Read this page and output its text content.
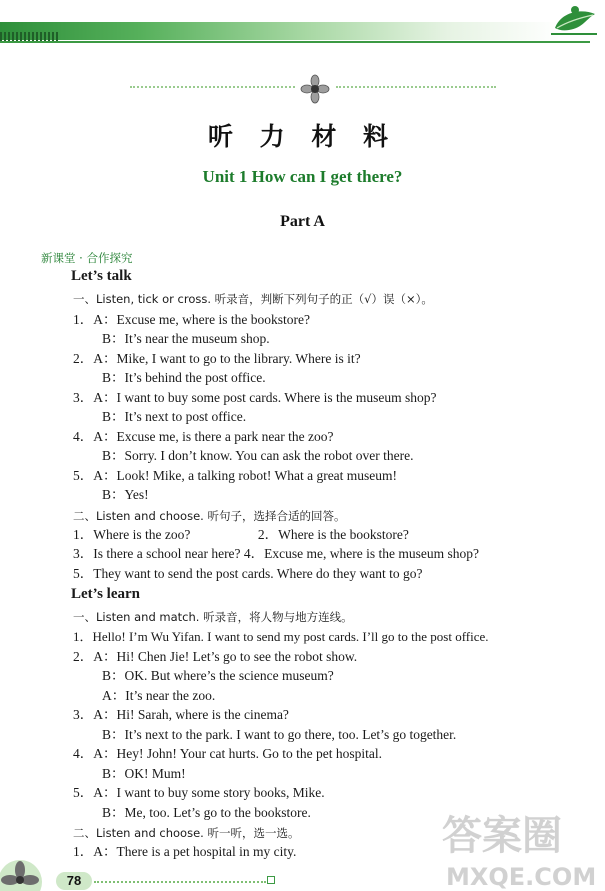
听 力 材 料
Unit 1 How can I get there?
Part A
新课堂 · 合作探究
Let’s talk
一、Listen, tick or cross. 听录音，判断下列句子的正（√）误（×）。
1．A：Excuse me, where is the bookstore?
B：It’s near the museum shop.
2．A：Mike, I want to go to the library. Where is it?
B：It’s behind the post office.
3．A：I want to buy some post cards. Where is the museum shop?
B：It’s next to post office.
4．A：Excuse me, is there a park near the zoo?
B：Sorry. I don’t know. You can ask the robot over there.
5．A：Look! Mike, a talking robot! What a great museum!
B：Yes!
二、Listen and choose. 听句子，选择合适的回答。
1．Where is the zoo?                    2．Where is the bookstore?
3．Is there a school near here? 4．Excuse me, where is the museum shop?
5．They want to send the post cards. Where do they want to go?
Let’s learn
一、Listen and match. 听录音，将人物与地方连线。
1．Hello! I’m Wu Yifan. I want to send my post cards. I’ll go to the post office.
2．A：Hi! Chen Jie! Let’s go to see the robot show.
B：OK. But where’s the science museum?
A：It’s near the zoo.
3．A：Hi! Sarah, where is the cinema?
B：It’s next to the park. I want to go there, too. Let’s go together.
4．A：Hey! John! Your cat hurts. Go to the pet hospital.
B：OK! Mum!
5．A：I want to buy some story books, Mike.
B：Me, too. Let’s go to the bookstore.
二、Listen and choose. 听一听，选一选。
1．A：There is a pet hospital in my city.
78
答案圈
MXQE.COM
